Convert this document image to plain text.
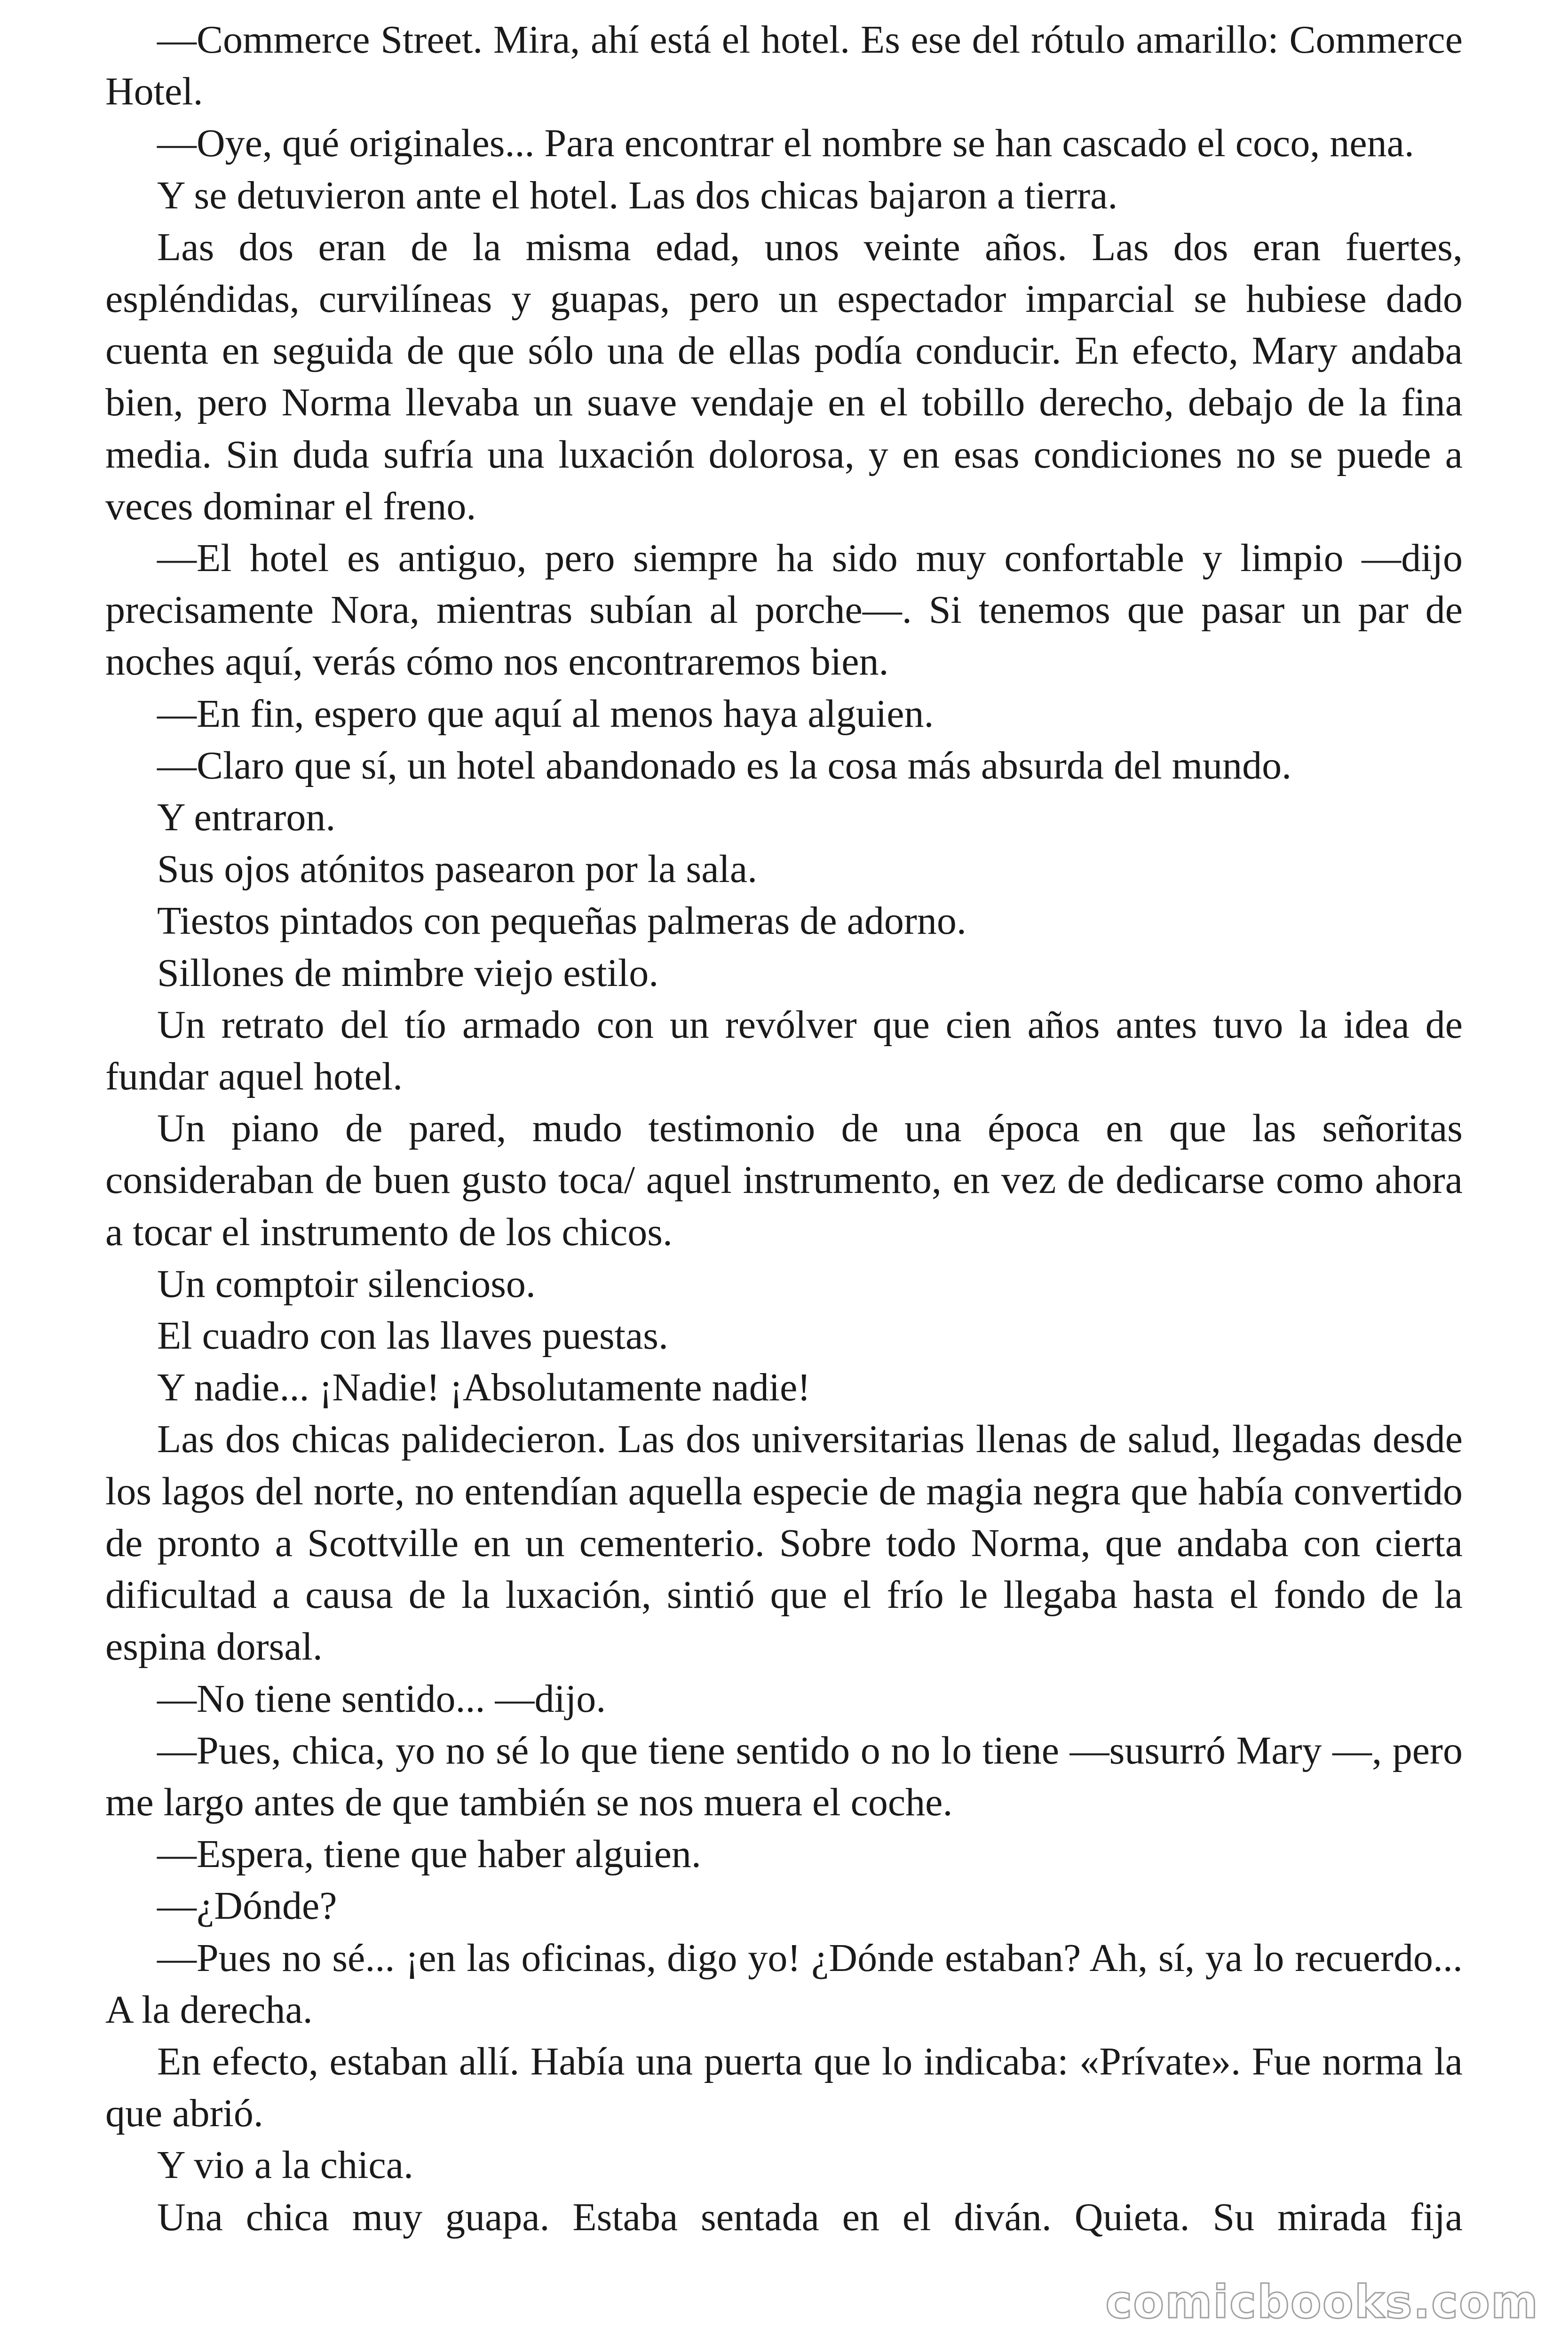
—Commerce Street. Mira, ahí está el hotel. Es ese del rótulo amarillo: Commerce Hotel.

—Oye, qué originales... Para encontrar el nombre se han cascado el coco, nena.

Y se detuvieron ante el hotel. Las dos chicas bajaron a tierra.

Las dos eran de la misma edad, unos veinte años. Las dos eran fuertes, espléndidas, curvilíneas y guapas, pero un espectador imparcial se hubiese dado cuenta en seguida de que sólo una de ellas podía conducir. En efecto, Mary andaba bien, pero Norma llevaba un suave vendaje en el tobillo derecho, debajo de la fina media. Sin duda sufría una luxación dolorosa, y en esas condiciones no se puede a veces dominar el freno.

—El hotel es antiguo, pero siempre ha sido muy confortable y limpio —dijo precisamente Nora, mientras subían al porche—. Si tenemos que pasar un par de noches aquí, verás cómo nos encontraremos bien.

—En fin, espero que aquí al menos haya alguien.

—Claro que sí, un hotel abandonado es la cosa más absurda del mundo.

Y entraron.

Sus ojos atónitos pasearon por la sala.

Tiestos pintados con pequeñas palmeras de adorno.

Sillones de mimbre viejo estilo.

Un retrato del tío armado con un revólver que cien años antes tuvo la idea de fundar aquel hotel.

Un piano de pared, mudo testimonio de una época en que las señoritas consideraban de buen gusto toca/ aquel instrumento, en vez de dedicarse como ahora a tocar el instrumento de los chicos.

Un comptoir silencioso.

El cuadro con las llaves puestas.

Y nadie... ¡Nadie! ¡Absolutamente nadie!

Las dos chicas palidecieron. Las dos universitarias llenas de salud, llegadas desde los lagos del norte, no entendían aquella especie de magia negra que había convertido de pronto a Scottville en un cementerio. Sobre todo Norma, que andaba con cierta dificultad a causa de la luxación, sintió que el frío le llegaba hasta el fondo de la espina dorsal.

—No tiene sentido... —dijo.

—Pues, chica, yo no sé lo que tiene sentido o no lo tiene —susurró Mary —, pero me largo antes de que también se nos muera el coche.

—Espera, tiene que haber alguien.

—¿Dónde?

—Pues no sé... ¡en las oficinas, digo yo! ¿Dónde estaban? Ah, sí, ya lo recuerdo... A la derecha.

En efecto, estaban allí. Había una puerta que lo indicaba: «Prívate». Fue norma la que abrió.

Y vio a la chica.

Una chica muy guapa. Estaba sentada en el diván. Quieta. Su mirada fija

comicbooks.com
